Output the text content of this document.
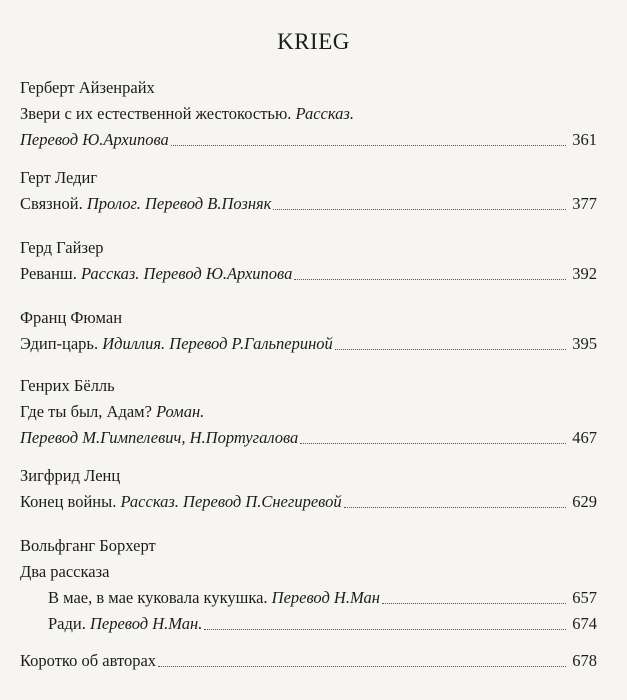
KRIEG
Герберт Айзенрайх
Звери с их естественной жестокостью. Рассказ.
Перевод Ю.Архипова	361
Герт Ледиг
Связной. Пролог. Перевод В.Позняк	377
Герд Гайзер
Реванш. Рассказ. Перевод Ю.Архипова	392
Франц Фюман
Эдип-царь. Идиллия. Перевод Р.Гальпериной	395
Генрих Бёлль
Где ты был, Адам? Роман.
Перевод М.Гимпелевич, Н.Португалова	467
Зигфрид Ленц
Конец войны. Рассказ. Перевод П.Снегиревой	629
Вольфганг Борхерт
Два рассказа
В мае, в мае куковала кукушка. Перевод Н.Ман	657
Ради. Перевод Н.Ман.	674
Коротко об авторах	678
